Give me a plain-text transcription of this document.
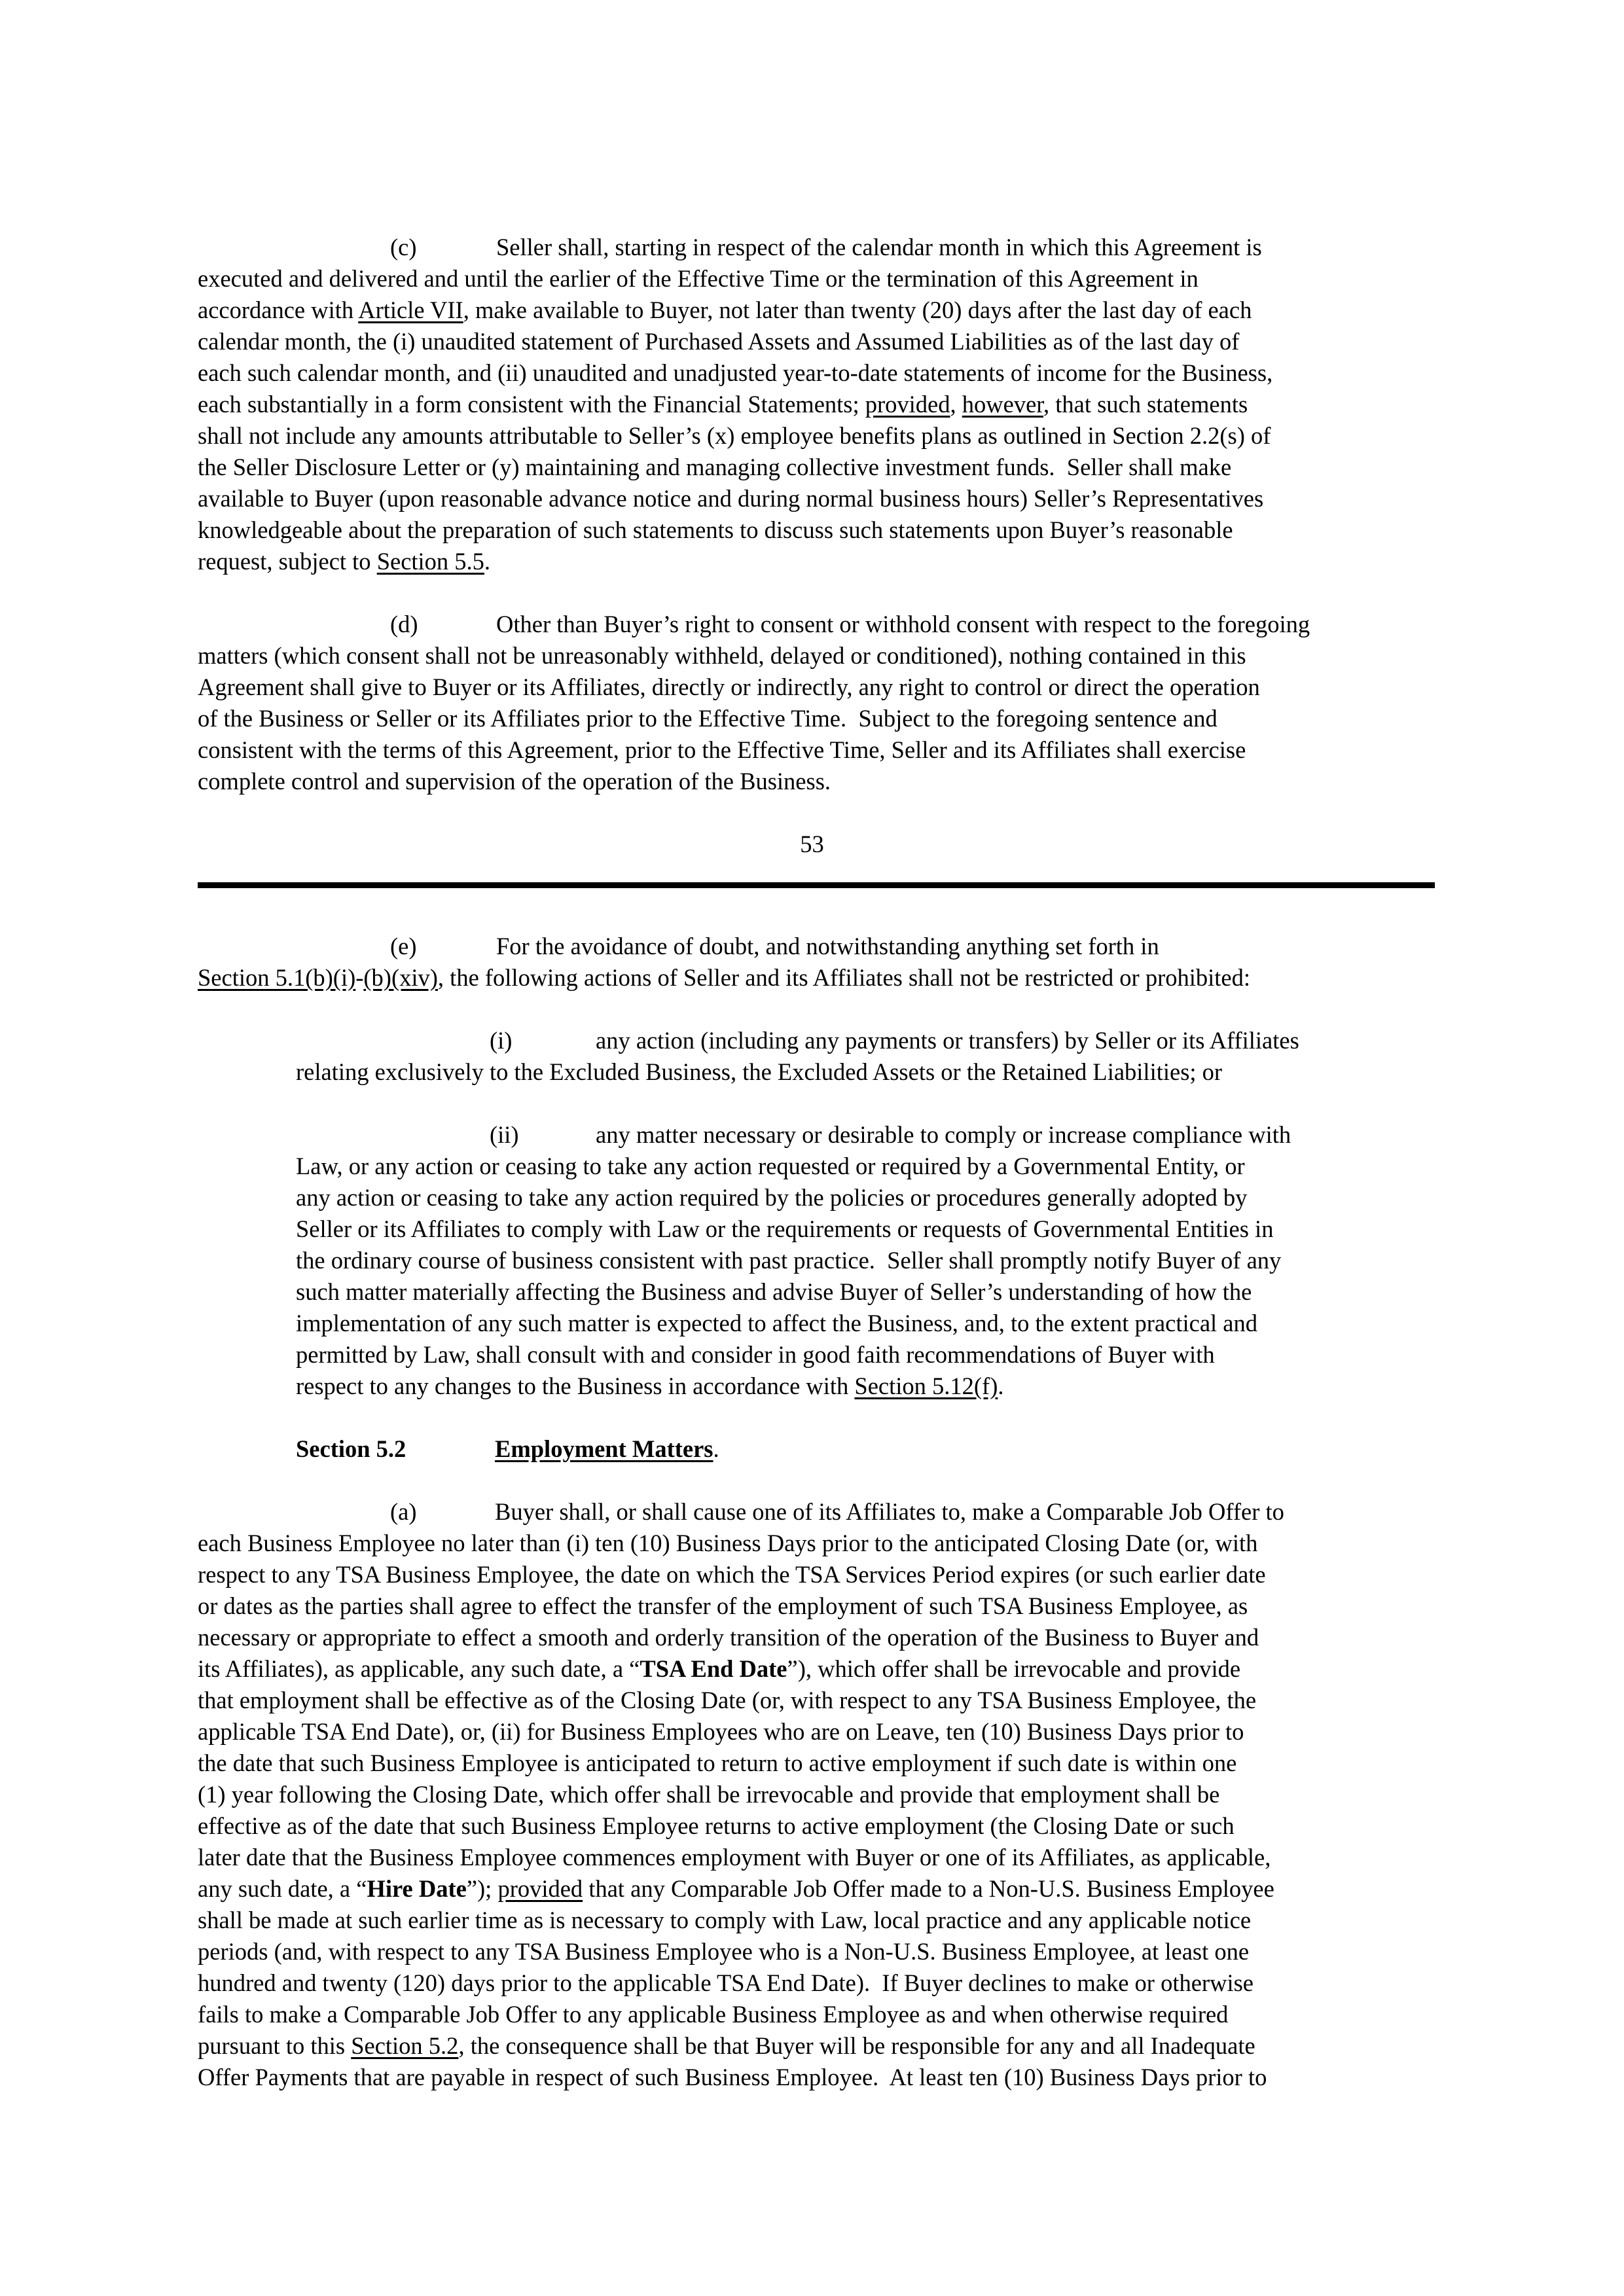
(c)	Seller shall, starting in respect of the calendar month in which this Agreement is
executed and delivered and until the earlier of the Effective Time or the termination of this Agreement in
accordance with Article VII, make available to Buyer, not later than twenty (20) days after the last day of each
calendar month, the (i) unaudited statement of Purchased Assets and Assumed Liabilities as of the last day of
each such calendar month, and (ii) unaudited and unadjusted year-to-date statements of income for the Business,
each substantially in a form consistent with the Financial Statements; provided, however, that such statements
shall not include any amounts attributable to Seller’s (x) employee benefits plans as outlined in Section 2.2(s) of
the Seller Disclosure Letter or (y) maintaining and managing collective investment funds.  Seller shall make
available to Buyer (upon reasonable advance notice and during normal business hours) Seller’s Representatives
knowledgeable about the preparation of such statements to discuss such statements upon Buyer’s reasonable
request, subject to Section 5.5.
(d)	Other than Buyer’s right to consent or withhold consent with respect to the foregoing
matters (which consent shall not be unreasonably withheld, delayed or conditioned), nothing contained in this
Agreement shall give to Buyer or its Affiliates, directly or indirectly, any right to control or direct the operation
of the Business or Seller or its Affiliates prior to the Effective Time.  Subject to the foregoing sentence and
consistent with the terms of this Agreement, prior to the Effective Time, Seller and its Affiliates shall exercise
complete control and supervision of the operation of the Business.
53
(e)	For the avoidance of doubt, and notwithstanding anything set forth in
Section 5.1(b)(i)-(b)(xiv), the following actions of Seller and its Affiliates shall not be restricted or prohibited:
(i)	any action (including any payments or transfers) by Seller or its Affiliates
relating exclusively to the Excluded Business, the Excluded Assets or the Retained Liabilities; or
(ii)	any matter necessary or desirable to comply or increase compliance with
Law, or any action or ceasing to take any action requested or required by a Governmental Entity, or
any action or ceasing to take any action required by the policies or procedures generally adopted by
Seller or its Affiliates to comply with Law or the requirements or requests of Governmental Entities in
the ordinary course of business consistent with past practice.  Seller shall promptly notify Buyer of any
such matter materially affecting the Business and advise Buyer of Seller’s understanding of how the
implementation of any such matter is expected to affect the Business, and, to the extent practical and
permitted by Law, shall consult with and consider in good faith recommendations of Buyer with
respect to any changes to the Business in accordance with Section 5.12(f).
Section 5.2	Employment Matters.
(a)	Buyer shall, or shall cause one of its Affiliates to, make a Comparable Job Offer to
each Business Employee no later than (i) ten (10) Business Days prior to the anticipated Closing Date (or, with
respect to any TSA Business Employee, the date on which the TSA Services Period expires (or such earlier date
or dates as the parties shall agree to effect the transfer of the employment of such TSA Business Employee, as
necessary or appropriate to effect a smooth and orderly transition of the operation of the Business to Buyer and
its Affiliates), as applicable, any such date, a “TSA End Date”), which offer shall be irrevocable and provide
that employment shall be effective as of the Closing Date (or, with respect to any TSA Business Employee, the
applicable TSA End Date), or, (ii) for Business Employees who are on Leave, ten (10) Business Days prior to
the date that such Business Employee is anticipated to return to active employment if such date is within one
(1) year following the Closing Date, which offer shall be irrevocable and provide that employment shall be
effective as of the date that such Business Employee returns to active employment (the Closing Date or such
later date that the Business Employee commences employment with Buyer or one of its Affiliates, as applicable,
any such date, a “Hire Date”); provided that any Comparable Job Offer made to a Non-U.S. Business Employee
shall be made at such earlier time as is necessary to comply with Law, local practice and any applicable notice
periods (and, with respect to any TSA Business Employee who is a Non-U.S. Business Employee, at least one
hundred and twenty (120) days prior to the applicable TSA End Date).  If Buyer declines to make or otherwise
fails to make a Comparable Job Offer to any applicable Business Employee as and when otherwise required
pursuant to this Section 5.2, the consequence shall be that Buyer will be responsible for any and all Inadequate
Offer Payments that are payable in respect of such Business Employee.  At least ten (10) Business Days prior to
